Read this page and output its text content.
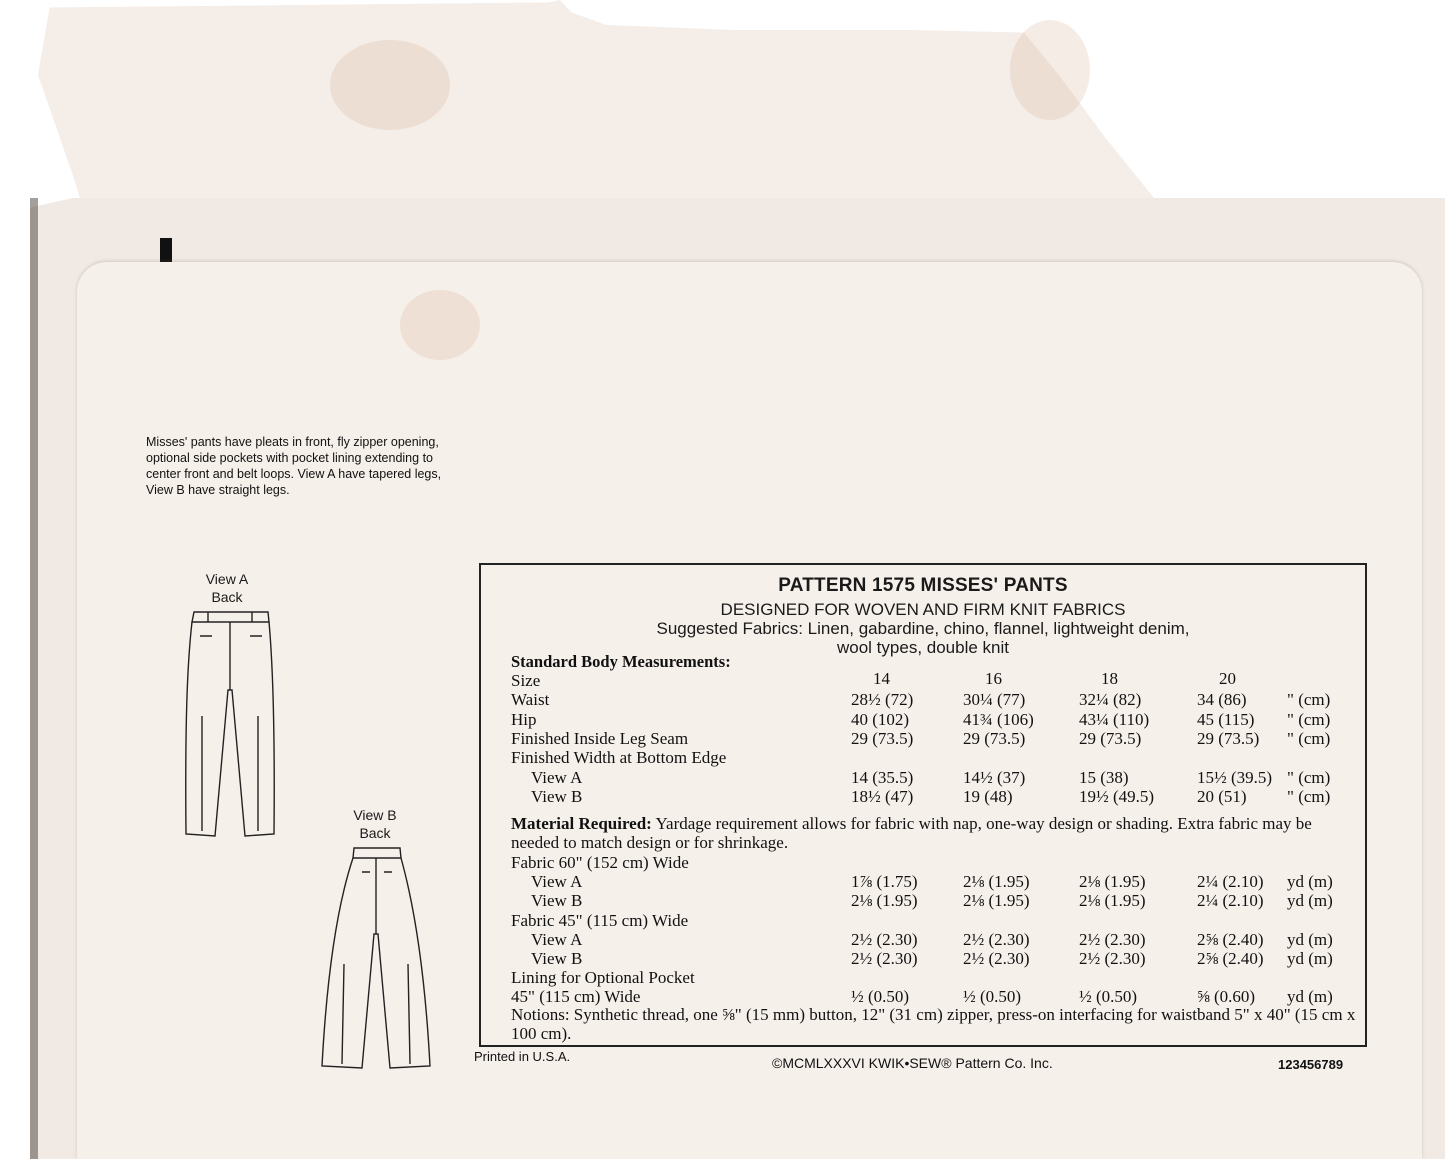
Misses' pants have pleats in front, fly zipper opening, optional side pockets with pocket lining extending to center front and belt loops. View A have tapered legs, View B have straight legs.
View A
Back
View B
Back
PATTERN 1575 MISSES' PANTS
DESIGNED FOR WOVEN AND FIRM KNIT FABRICS
Suggested Fabrics: Linen, gabardine, chino, flannel, lightweight denim,
wool types, double knit
Standard Body Measurements:
Size	14	16	18	20
Waist	28½ (72)	30¼ (77)	32¼ (82)	34 (86) " (cm)
Hip	40 (102)	41¾ (106)	43¼ (110)	45 (115) " (cm)
Finished Inside Leg Seam	29 (73.5)	29 (73.5)	29 (73.5)	29 (73.5) " (cm)
Finished Width at Bottom Edge
View A	14 (35.5)	14½ (37)	15 (38)	15½ (39.5) " (cm)
View B	18½ (47)	19 (48)	19½ (49.5)	20 (51) " (cm)
Material Required: Yardage requirement allows for fabric with nap, one-way design or shading. Extra fabric may be needed to match design or for shrinkage.
Fabric 60" (152 cm) Wide
View A	1⅞ (1.75)	2⅛ (1.95)	2⅛ (1.95)	2¼ (2.10) yd (m)
View B	2⅛ (1.95)	2⅛ (1.95)	2⅛ (1.95)	2¼ (2.10) yd (m)
Fabric 45" (115 cm) Wide
View A	2½ (2.30)	2½ (2.30)	2½ (2.30)	2⅝ (2.40) yd (m)
View B	2½ (2.30)	2½ (2.30)	2½ (2.30)	2⅝ (2.40) yd (m)
Lining for Optional Pocket
45" (115 cm) Wide	½ (0.50)	½ (0.50)	½ (0.50)	⅝ (0.60) yd (m)
Notions: Synthetic thread, one ⅝" (15 mm) button, 12" (31 cm) zipper, press-on interfacing for waistband 5" x 40" (15 cm x 100 cm).
Printed in U.S.A.	©MCMLXXXVI KWIK•SEW® Pattern Co. Inc.	123456789
